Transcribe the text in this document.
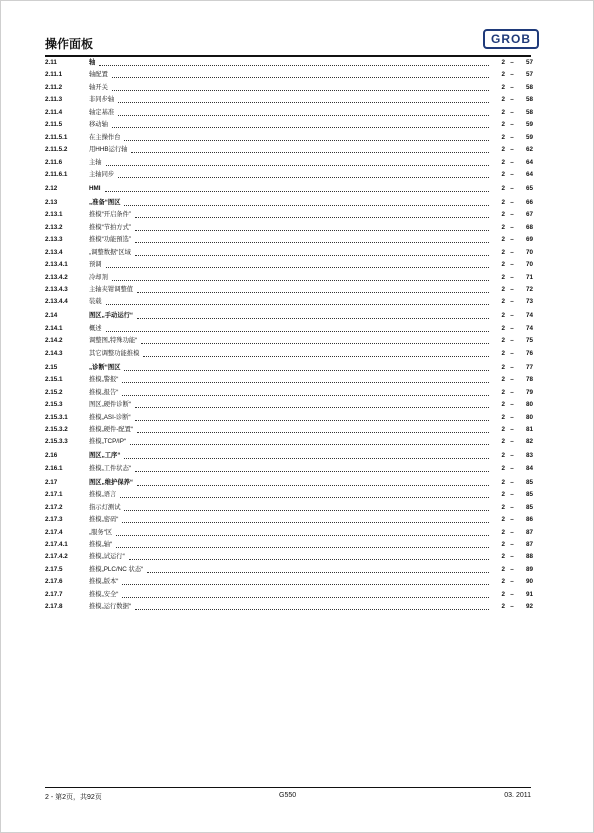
操作面板	GROB
2.11	轴	2 –	57
2.11.1	轴配置	2 –	57
2.11.2	轴开关	2 –	58
2.11.3	非同步轴	2 –	58
2.11.4	轴定基准	2 –	58
2.11.5	移动轴	2 –	59
2.11.5.1	在主操作台	2 –	59
2.11.5.2	用HHB运行轴	2 –	62
2.11.6	主轴	2 –	64
2.11.6.1	主轴同步	2 –	64
2.12	HMI	2 –	65
2.13	„准备“图区	2 –	66
2.13.1	推模“开启条件”	2 –	67
2.13.2	推模“节拍方式”	2 –	68
2.13.3	推模“功能預选”	2 –	69
2.13.4	„调整数据“区域	2 –	70
2.13.4.1	预调	2 –	70
2.13.4.2	冷却剂	2 –	71
2.13.4.3	主轴夹钳调整值	2 –	72
2.13.4.4	装载	2 –	73
2.14	图区„手动运行“	2 –	74
2.14.1	概述	2 –	74
2.14.2	调整图„特殊功能“	2 –	75
2.14.3	其它调整功能推模	2 –	76
2.15	„诊断“图区	2 –	77
2.15.1	推模„警报“	2 –	78
2.15.2	推模„报告“	2 –	79
2.15.3	图区„硬件诊断“	2 –	80
2.15.3.1	推模„ASI-诊断“	2 –	80
2.15.3.2	推模„硬件-配置“	2 –	81
2.15.3.3	推模„TCP/IP“	2 –	82
2.16	图区„工序“	2 –	83
2.16.1	推模„工件状态“	2 –	84
2.17	图区„维护保养“	2 –	85
2.17.1	推模„语言	2 –	85
2.17.2	指示灯测试	2 –	85
2.17.3	推模„密码“	2 –	86
2.17.4	„服务“区	2 –	87
2.17.4.1	推模„轴“	2 –	87
2.17.4.2	推模„试运行“	2 –	88
2.17.5	推模„PLC/NC 状态“	2 –	89
2.17.6	推模„版本“	2 –	90
2.17.7	推模„安全“	2 –	91
2.17.8	推模„运行数据“	2 –	92
2 - 第2页，共92页	G550	03. 2011
